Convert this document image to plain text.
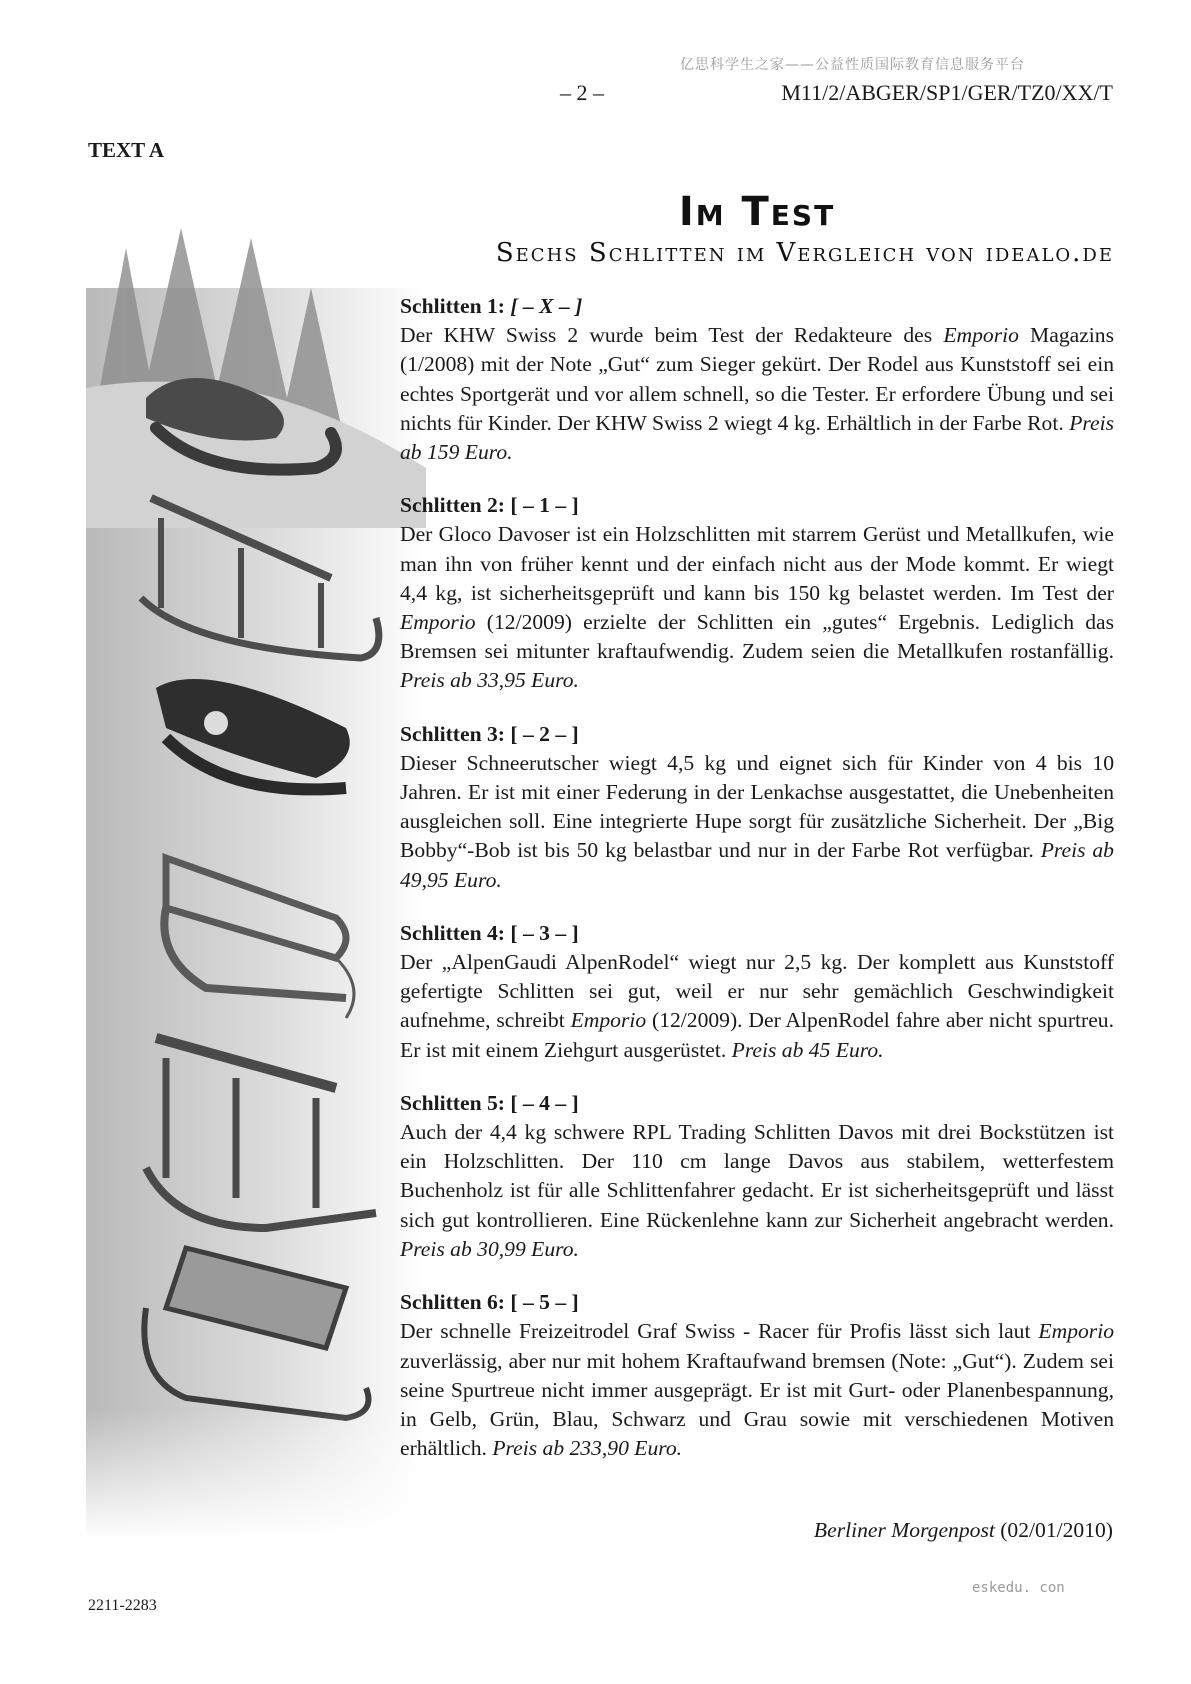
亿思科学生之家——公益性质国际教育信息服务平台
– 2 –	M11/2/ABGER/SP1/GER/TZ0/XX/T
TEXT A
Im Test
Sechs Schlitten im Vergleich von idealo.de
Schlitten 1: [ – X – ]
Der KHW Swiss 2 wurde beim Test der Redakteure des Emporio Magazins (1/2008) mit der Note „Gut“ zum Sieger gekürt. Der Rodel aus Kunststoff sei ein echtes Sportgerät und vor allem schnell, so die Tester. Er erfordere Übung und sei nichts für Kinder. Der KHW Swiss 2 wiegt 4 kg. Erhältlich in der Farbe Rot. Preis ab 159 Euro.
Schlitten 2: [ – 1 – ]
Der Gloco Davoser ist ein Holzschlitten mit starrem Gerüst und Metallkufen, wie man ihn von früher kennt und der einfach nicht aus der Mode kommt. Er wiegt 4,4 kg, ist sicherheitsgeprüft und kann bis 150 kg belastet werden. Im Test der Emporio (12/2009) erzielte der Schlitten ein „gutes“ Ergebnis. Lediglich das Bremsen sei mitunter kraftaufwendig. Zudem seien die Metallkufen rostanfällig. Preis ab 33,95 Euro.
Schlitten 3: [ – 2 – ]
Dieser Schneerutscher wiegt 4,5 kg und eignet sich für Kinder von 4 bis 10 Jahren. Er ist mit einer Federung in der Lenkachse ausgestattet, die Unebenheiten ausgleichen soll. Eine integrierte Hupe sorgt für zusätzliche Sicherheit. Der „Big Bobby“-Bob ist bis 50 kg belastbar und nur in der Farbe Rot verfügbar. Preis ab 49,95 Euro.
Schlitten 4: [ – 3 – ]
Der „AlpenGaudi AlpenRodel“ wiegt nur 2,5 kg. Der komplett aus Kunststoff gefertigte Schlitten sei gut, weil er nur sehr gemächlich Geschwindigkeit aufnehme, schreibt Emporio (12/2009). Der AlpenRodel fahre aber nicht spurtreu. Er ist mit einem Ziehgurt ausgerüstet. Preis ab 45 Euro.
Schlitten 5: [ – 4 – ]
Auch der 4,4 kg schwere RPL Trading Schlitten Davos mit drei Bockstützen ist ein Holzschlitten. Der 110 cm lange Davos aus stabilem, wetterfestem Buchenholz ist für alle Schlittenfahrer gedacht. Er ist sicherheitsgeprüft und lässt sich gut kontrollieren. Eine Rückenlehne kann zur Sicherheit angebracht werden. Preis ab 30,99 Euro.
Schlitten 6: [ – 5 – ]
Der schnelle Freizeitrodel Graf Swiss - Racer für Profis lässt sich laut Emporio zuverlässig, aber nur mit hohem Kraftaufwand bremsen (Note: „Gut“). Zudem sei seine Spurtreue nicht immer ausgeprägt. Er ist mit Gurt- oder Planenbespannung, in Gelb, Grün, Blau, Schwarz und Grau sowie mit verschiedenen Motiven erhältlich. Preis ab 233,90 Euro.
Berliner Morgenpost (02/01/2010)
2211-2283
eskedu. con
